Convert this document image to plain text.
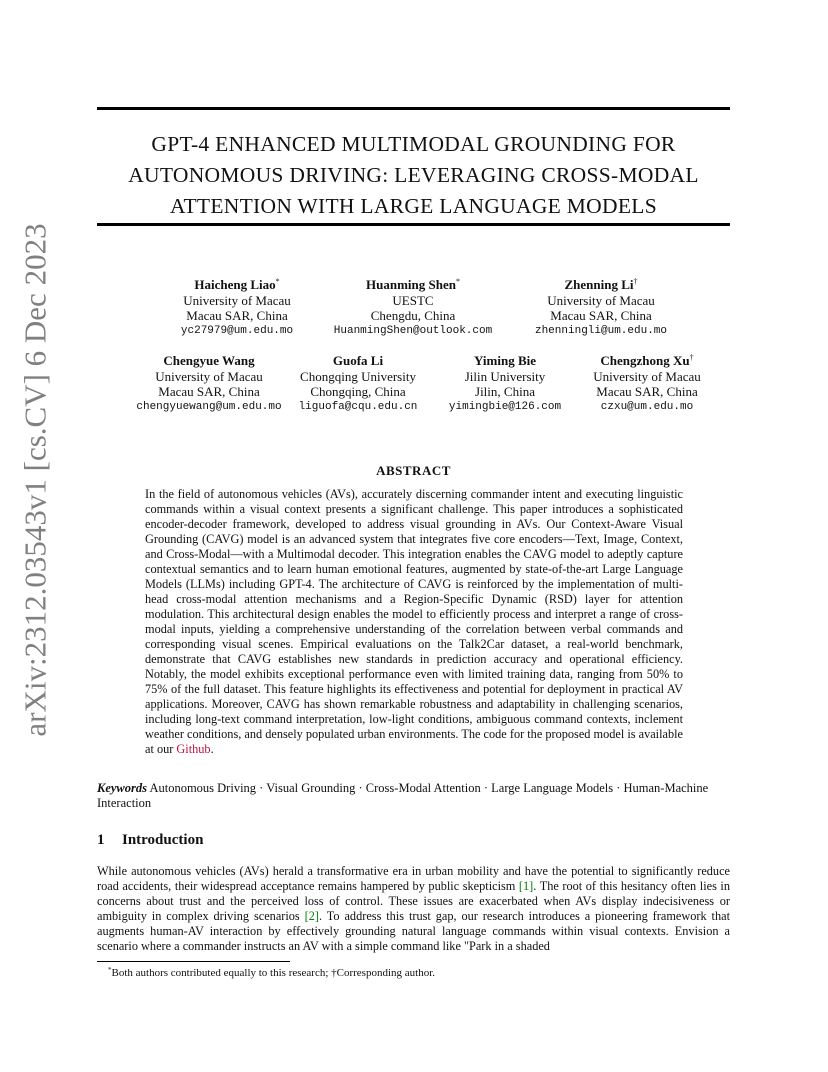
arXiv:2312.03543v1 [cs.CV] 6 Dec 2023
GPT-4 ENHANCED MULTIMODAL GROUNDING FOR
AUTONOMOUS DRIVING: LEVERAGING CROSS-MODAL
ATTENTION WITH LARGE LANGUAGE MODELS
Haicheng Liao*
University of Macau
Macau SAR, China
yc27979@um.edu.mo
Huanming Shen*
UESTC
Chengdu, China
HuanmingShen@outlook.com
Zhenning Li†
University of Macau
Macau SAR, China
zhenningli@um.edu.mo
Chengyue Wang
University of Macau
Macau SAR, China
chengyuewang@um.edu.mo
Guofa Li
Chongqing University
Chongqing, China
liguofa@cqu.edu.cn
Yiming Bie
Jilin University
Jilin, China
yimingbie@126.com
Chengzhong Xu†
University of Macau
Macau SAR, China
czxu@um.edu.mo
ABSTRACT
In the field of autonomous vehicles (AVs), accurately discerning commander intent and executing linguistic commands within a visual context presents a significant challenge. This paper introduces a sophisticated encoder-decoder framework, developed to address visual grounding in AVs. Our Context-Aware Visual Grounding (CAVG) model is an advanced system that integrates five core encoders—Text, Image, Context, and Cross-Modal—with a Multimodal decoder. This integration enables the CAVG model to adeptly capture contextual semantics and to learn human emotional features, augmented by state-of-the-art Large Language Models (LLMs) including GPT-4. The architecture of CAVG is reinforced by the implementation of multi-head cross-modal attention mechanisms and a Region-Specific Dynamic (RSD) layer for attention modulation. This architectural design enables the model to efficiently process and interpret a range of cross-modal inputs, yielding a comprehensive understanding of the correlation between verbal commands and corresponding visual scenes. Empirical evaluations on the Talk2Car dataset, a real-world benchmark, demonstrate that CAVG establishes new standards in prediction accuracy and operational efficiency. Notably, the model exhibits exceptional performance even with limited training data, ranging from 50% to 75% of the full dataset. This feature highlights its effectiveness and potential for deployment in practical AV applications. Moreover, CAVG has shown remarkable robustness and adaptability in challenging scenarios, including long-text command interpretation, low-light conditions, ambiguous command contexts, inclement weather conditions, and densely populated urban environments. The code for the proposed model is available at our Github.
Keywords Autonomous Driving · Visual Grounding · Cross-Modal Attention · Large Language Models · Human-Machine Interaction
1 Introduction
While autonomous vehicles (AVs) herald a transformative era in urban mobility and have the potential to significantly reduce road accidents, their widespread acceptance remains hampered by public skepticism [1]. The root of this hesitancy often lies in concerns about trust and the perceived loss of control. These issues are exacerbated when AVs display indecisiveness or ambiguity in complex driving scenarios [2]. To address this trust gap, our research introduces a pioneering framework that augments human-AV interaction by effectively grounding natural language commands within visual contexts. Envision a scenario where a commander instructs an AV with a simple command like "Park in a shaded
*Both authors contributed equally to this research; †Corresponding author.
